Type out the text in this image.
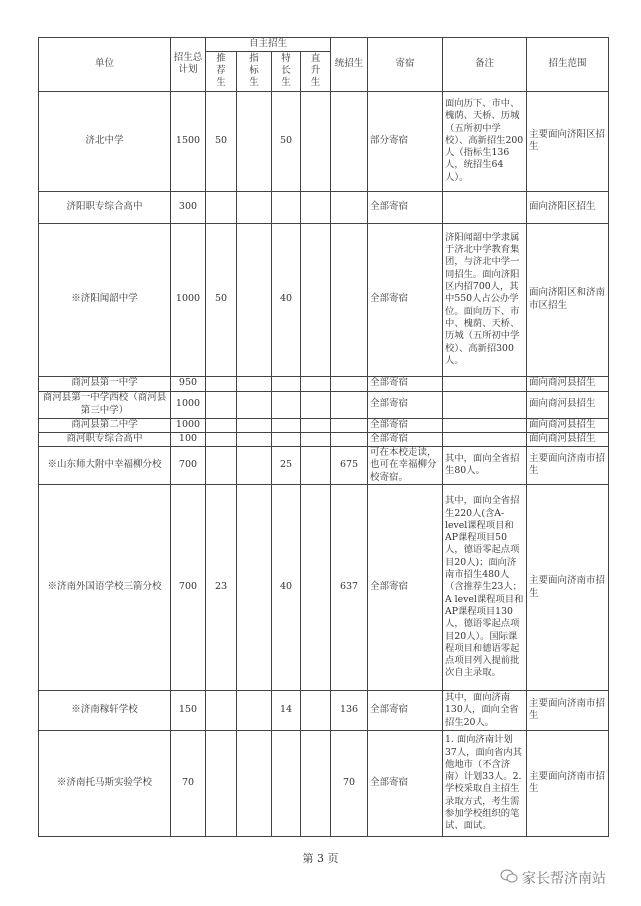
单位	招生总计划	自主招生				统招生	寄宿	备注	招生范围

		推荐生	指标生	特长生	直升生				

济北中学	1500	50		50			部分寄宿	面向历下、市中、槐荫、天桥、历城（五所初中学校）、高新招生200 人（指标生136 人，统招生64人）。	主要面向济阳区招生
济阳职专综合高中	300						全部寄宿		面向济阳区招生
※济阳闻韶中学	1000	50		40			全部寄宿	济阳闻韶中学隶属于济北中学教育集团，与济北中学一同招生。面向济阳区内招700人，其中550人占公办学位。面向历下、市中、槐荫、天桥、历城（五所初中学校）、高新招300人。	面向济阳区和济南市区招生
商河县第一中学	950						全部寄宿		面向商河县招生
商河县第一中学西校（商河县第三中学）	1000						全部寄宿		面向商河县招生
商河县第二中学	1000						全部寄宿		面向商河县招生
商河职专综合高中	100						全部寄宿		面向商河县招生
※山东师大附中幸福柳分校	700			25		675	可在本校走读，也可在幸福柳分校寄宿。	其中，面向全省招生80人。	主要面向济南市招生
※济南外国语学校三箭分校	700	23		40		637	全部寄宿	其中，面向全省招生220人(含A-level课程项目和AP课程项目50人，德语零起点项目20人)；面向济南市招生480人（含推荐生23人；A level课程项目和AP课程项目130人，德语零起点项目20人）。国际课程项目和德语零起点项目列入提前批次自主录取。	主要面向济南市招生
※济南稼轩学校	150			14		136	全部寄宿	其中，面向济南130人，面向全省招生20人。	主要面向济南市招生
※济南托马斯实验学校	70					70	全部寄宿	1. 面向济南计划37人，面向省内其他地市（不含济南）计划33人。2. 学校采取自主招生录取方式，考生需参加学校组织的笔试、面试。	主要面向济南市招生
第 3 页
家长帮济南站
